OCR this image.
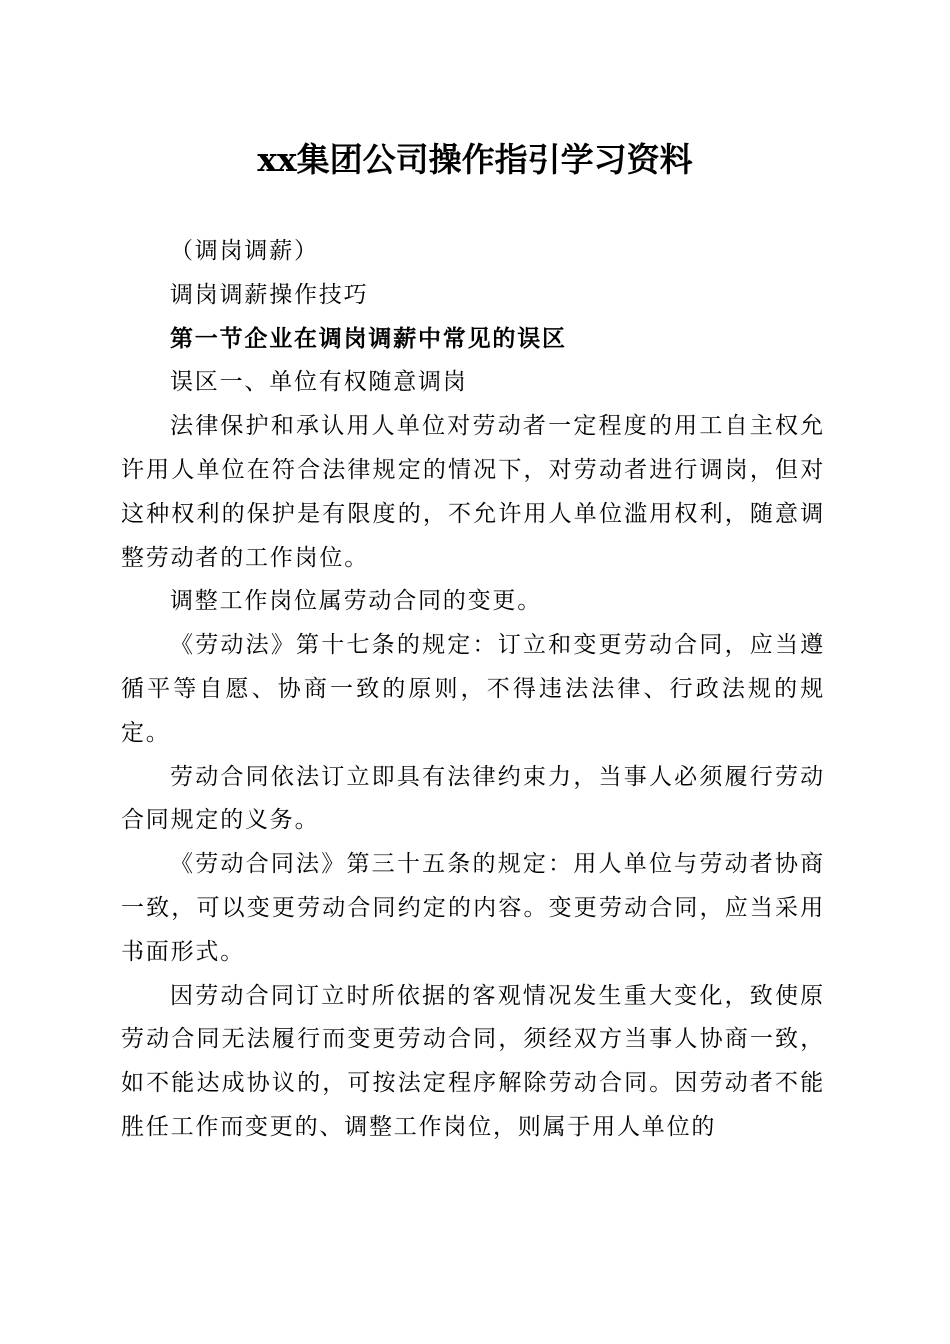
xx集团公司操作指引学习资料

（调岗调薪）

调岗调薪操作技巧

第一节企业在调岗调薪中常见的误区

误区一、单位有权随意调岗

法律保护和承认用人单位对劳动者一定程度的用工自主权允许用人单位在符合法律规定的情况下，对劳动者进行调岗，但对这种权利的保护是有限度的，不允许用人单位滥用权利，随意调整劳动者的工作岗位。

调整工作岗位属劳动合同的变更。

《劳动法》第十七条的规定：订立和变更劳动合同，应当遵循平等自愿、协商一致的原则，不得违法法律、行政法规的规定。

劳动合同依法订立即具有法律约束力，当事人必须履行劳动合同规定的义务。

《劳动合同法》第三十五条的规定：用人单位与劳动者协商一致，可以变更劳动合同约定的内容。变更劳动合同，应当采用书面形式。

因劳动合同订立时所依据的客观情况发生重大变化，致使原劳动合同无法履行而变更劳动合同，须经双方当事人协商一致，如不能达成协议的，可按法定程序解除劳动合同。因劳动者不能胜任工作而变更的、调整工作岗位，则属于用人单位的
